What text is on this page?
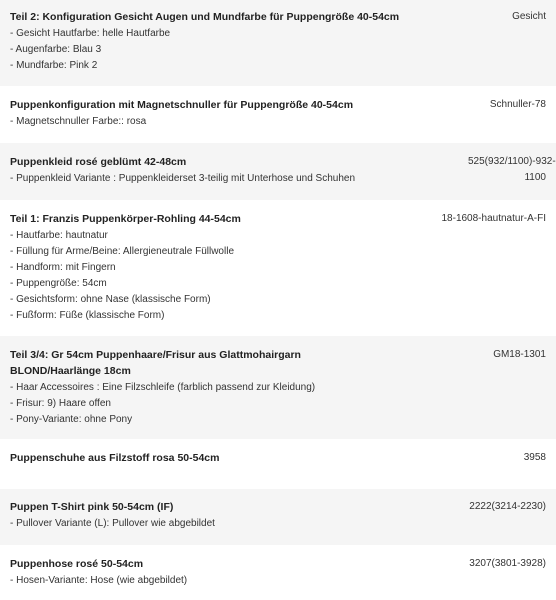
Teil 2: Konfiguration Gesicht Augen und Mundfarbe für Puppengröße 40-54cm
- Gesicht Hautfarbe: helle Hautfarbe
- Augenfarbe: Blau 3
- Mundfarbe: Pink 2
Gesicht
Puppenkonfiguration mit Magnetschnuller für Puppengröße 40-54cm
- Magnetschnuller Farbe:: rosa
Schnuller-78
Puppenkleid rosé geblümt 42-48cm
- Puppenkleid Variante : Puppenkleiderset 3-teilig mit Unterhose und Schuhen
525(932/1100)-932-1100
Teil 1: Franzis Puppenkörper-Rohling 44-54cm
- Hautfarbe: hautnatur
- Füllung für Arme/Beine: Allergieneutrale Füllwolle
- Handform: mit Fingern
- Puppengröße: 54cm
- Gesichtsform: ohne Nase (klassische Form)
- Fußform: Füße (klassische Form)
18-1608-hautnatur-A-FI
Teil 3/4: Gr 54cm Puppenhaare/Frisur aus Glattmohairgarn BLOND/Haarlänge 18cm
- Haar Accessoires : Eine Filzschleife (farblich passend zur Kleidung)
- Frisur: 9) Haare offen
- Pony-Variante: ohne Pony
GM18-1301
Puppenschuhe aus Filzstoff rosa 50-54cm	3958
Puppen T-Shirt pink 50-54cm (IF)
- Pullover Variante (L): Pullover wie abgebildet
2222(3214-2230)
Puppenhose rosé 50-54cm
- Hosen-Variante: Hose (wie abgebildet)
3207(3801-3928)
